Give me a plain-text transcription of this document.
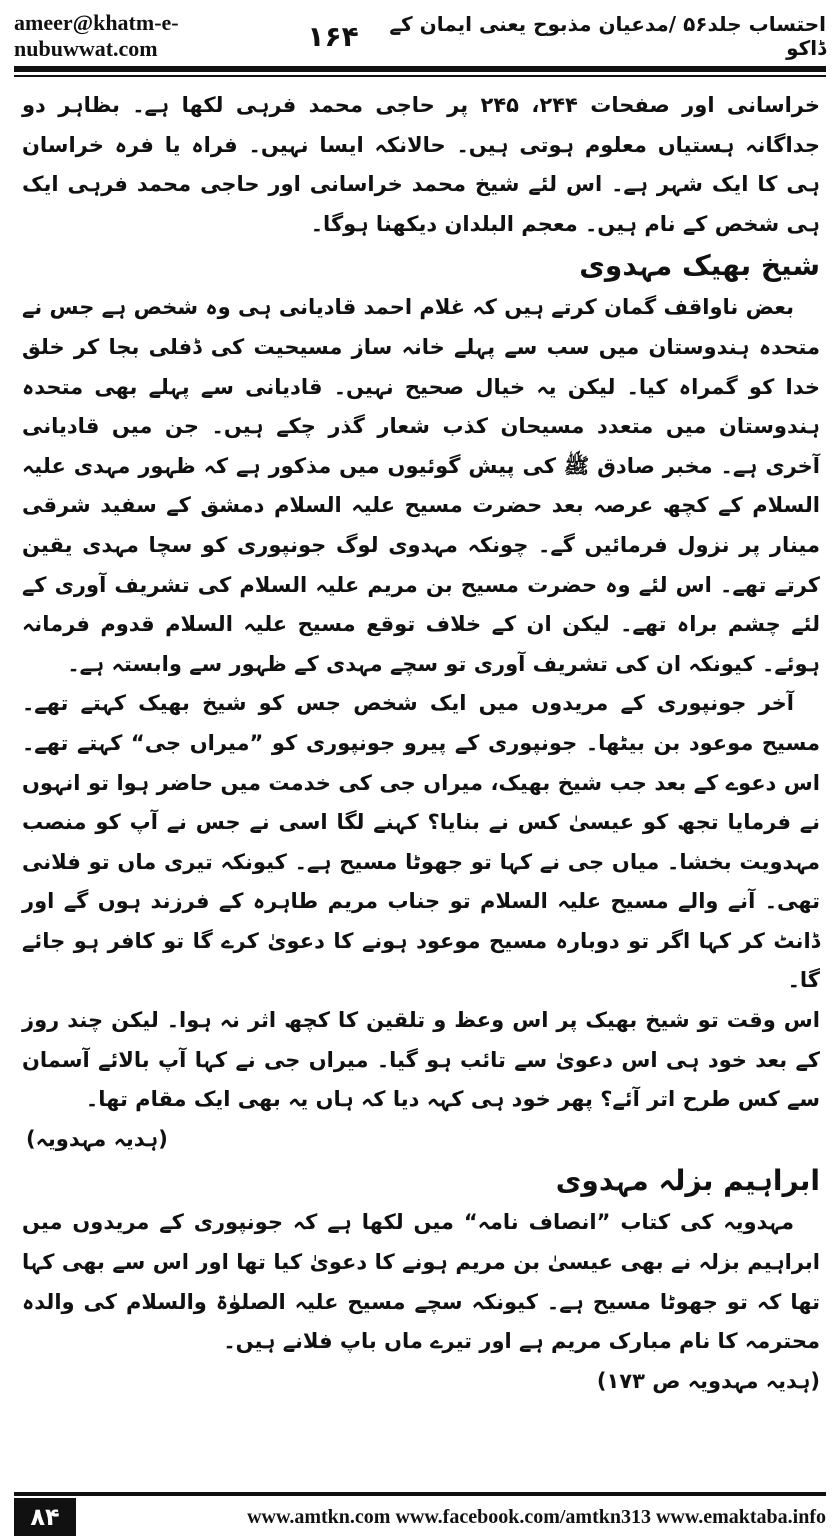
ameer@khatm-e-nubuwwat.com
احتساب جلد۵۶ /مدعیان مذبوح یعنی ایمان کے ڈاکو
۱۶۴

خراسانی اور صفحات ۲۴۴، ۲۴۵ پر حاجی محمد فرہی لکھا ہے۔ بظاہر دو جداگانہ ہستیاں معلوم ہوتی ہیں۔ حالانکہ ایسا نہیں۔ فراہ یا فرہ خراسان ہی کا ایک شہر ہے۔ اس لئے شیخ محمد خراسانی اور حاجی محمد فرہی ایک ہی شخص کے نام ہیں۔ معجم البلدان دیکھنا ہوگا۔

شیخ بھیک مہدوی

بعض ناواقف گمان کرتے ہیں کہ غلام احمد قادیانی ہی وہ شخص ہے جس نے متحدہ ہندوستان میں سب سے پہلے خانہ ساز مسیحیت کی ڈفلی بجا کر خلق خدا کو گمراہ کیا۔ لیکن یہ خیال صحیح نہیں۔ قادیانی سے پہلے بھی متحدہ ہندوستان میں متعدد مسیحان کذب شعار گذر چکے ہیں۔ جن میں قادیانی آخری ہے۔ مخبر صادق ﷺ کی پیش گوئیوں میں مذکور ہے کہ ظہور مہدی علیہ السلام کے کچھ عرصہ بعد حضرت مسیح علیہ السلام دمشق کے سفید شرقی مینار پر نزول فرمائیں گے۔ چونکہ مہدوی لوگ جونپوری کو سچا مہدی یقین کرتے تھے۔ اس لئے وہ حضرت مسیح بن مریم علیہ السلام کی تشریف آوری کے لئے چشم براہ تھے۔ لیکن ان کے خلاف توقع مسیح علیہ السلام قدوم فرمانہ ہوئے۔ کیونکہ ان کی تشریف آوری تو سچے مہدی کے ظہور سے وابستہ ہے۔

آخر جونپوری کے مریدوں میں ایک شخص جس کو شیخ بھیک کہتے تھے۔ مسیح موعود بن بیٹھا۔ جونپوری کے پیرو جونپوری کو ”میراں جی“ کہتے تھے۔ اس دعوے کے بعد جب شیخ بھیک، میراں جی کی خدمت میں حاضر ہوا تو انہوں نے فرمایا تجھ کو عیسیٰ کس نے بنایا؟ کہنے لگا اسی نے جس نے آپ کو منصب مہدویت بخشا۔ میاں جی نے کہا تو جھوٹا مسیح ہے۔ کیونکہ تیری ماں تو فلانی تھی۔ آنے والے مسیح علیہ السلام تو جناب مریم طاہرہ کے فرزند ہوں گے اور ڈانٹ کر کہا اگر تو دوبارہ مسیح موعود ہونے کا دعویٰ کرے گا تو کافر ہو جائے گا۔

اس وقت تو شیخ بھیک پر اس وعظ و تلقین کا کچھ اثر نہ ہوا۔ لیکن چند روز کے بعد خود ہی اس دعویٰ سے تائب ہو گیا۔ میراں جی نے کہا آپ بالائے آسمان سے کس طرح اتر آئے؟ پھر خود ہی کہہ دیا کہ ہاں یہ بھی ایک مقام تھا۔

(ہدیہ مہدویہ)

ابراہیم بزلہ مہدوی

مہدویہ کی کتاب ”انصاف نامہ“ میں لکھا ہے کہ جونپوری کے مریدوں میں ابراہیم بزلہ نے بھی عیسیٰ بن مریم ہونے کا دعویٰ کیا تھا اور اس سے بھی کہا تھا کہ تو جھوٹا مسیح ہے۔ کیونکہ سچے مسیح علیہ الصلوٰۃ والسلام کی والدہ محترمہ کا نام مبارک مریم ہے اور تیرے ماں باپ فلانے ہیں۔

(ہدیہ مہدویہ ص ۱۷۳)

۸۴	www.amtkn.com www.facebook.com/amtkn313 www.emaktaba.info
